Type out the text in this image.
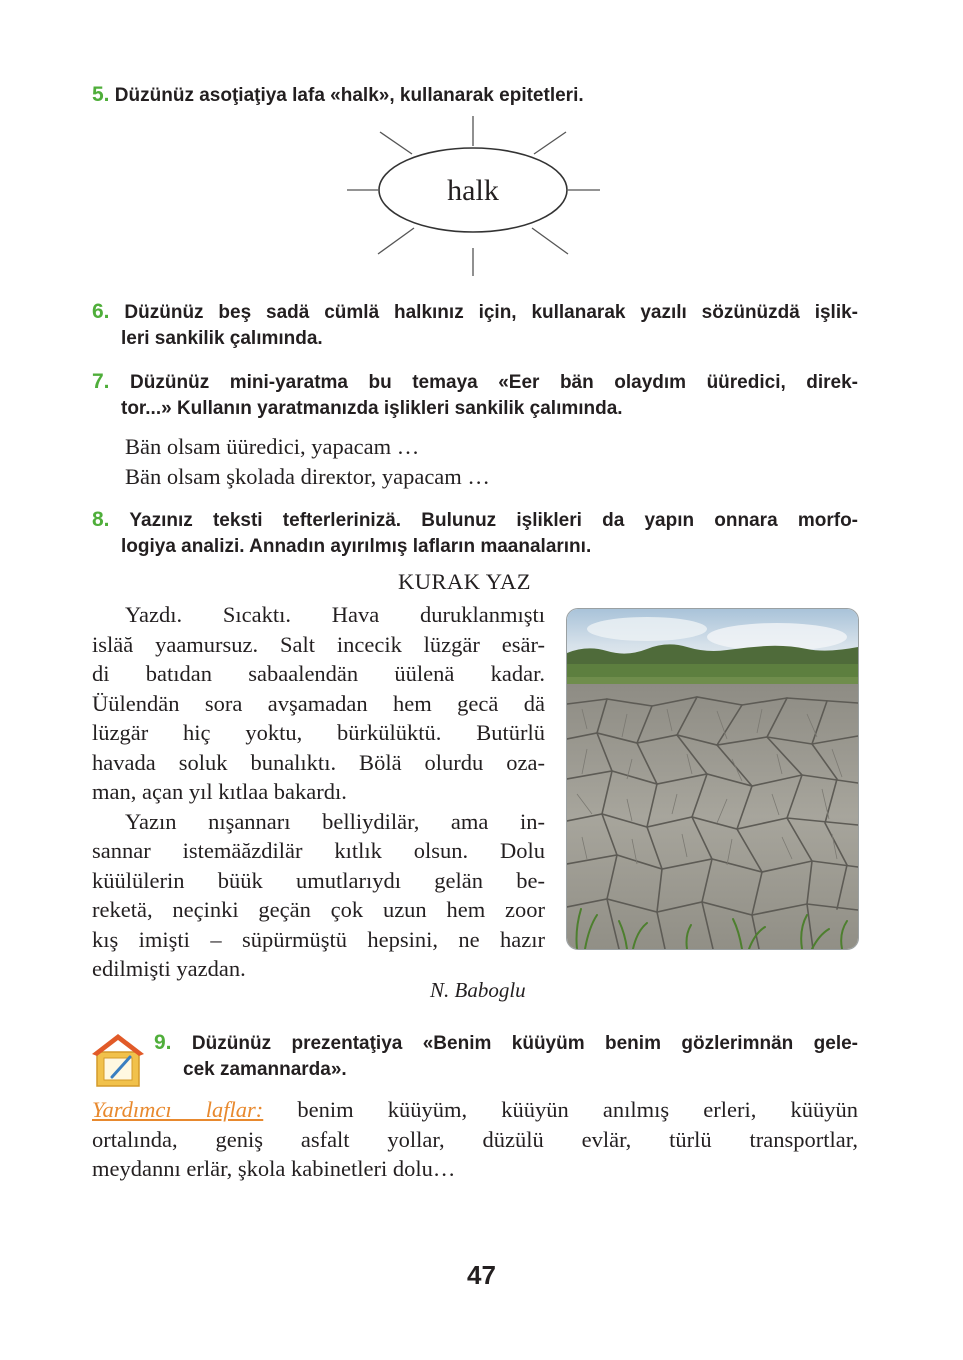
5. Düzünüz asoţiaţiya lafa «halk», kullanarak epitetleri.
halk
6. Düzünüz beş sadä cümlä halkınız için, kullanarak yazılı sözünüzdä işlik-
leri sankilik çalımında.
7. Düzünüz mini-yaratma bu temaya «Eer bän olaydım üüredici, direk-
tor...» Kullanın yaratmanızda işlikleri sankilik çalımında.
Bän olsam üüredici, yapacam …
Bän olsam şkolada direкtor, yapacam …
8. Yazınız teksti tefterlerinizä. Bulunuz işlikleri da yapın onnara morfo-
logiya analizi. Annadın ayırılmış lafların maanalarını.
KURAK YAZ
Yazdı. Sıcaktı. Hava duruklanmıştı
isläă yaamursuz. Salt incecik lüzgär esär-
di batıdan sabaalendän üülenä kadar.
Üülendän sora avşamadan hem gecä dä
lüzgär hiç yoktu, bürkülüktü. Butürlü
havada soluk bunalıktı. Bölä olurdu oza-
man, açan yıl kıtlaa bakardı.
Yazın nışannarı belliydilär, ama in-
sannar istemäăzdilär kıtlık olsun. Dolu
küülülerin büük umutlarıydı gelän be-
reketä, neçinki geçän çok uzun hem zoor
kış imişti – süpürmüştü hepsini, ne hazır
edilmişti yazdan.
N. Baboglu
9. Düzünüz prezentaţiya «Benim küüyüm benim gözlerimnän gele-
cek zamannarda».
Yardımcı laflar: benim küüyüm, küüyün anılmış erleri, küüyün
ortalında, geniş asfalt yollar, düzülü evlär, türlü transportlar,
meydannı erlär, şkola kabinetleri dolu…
47
